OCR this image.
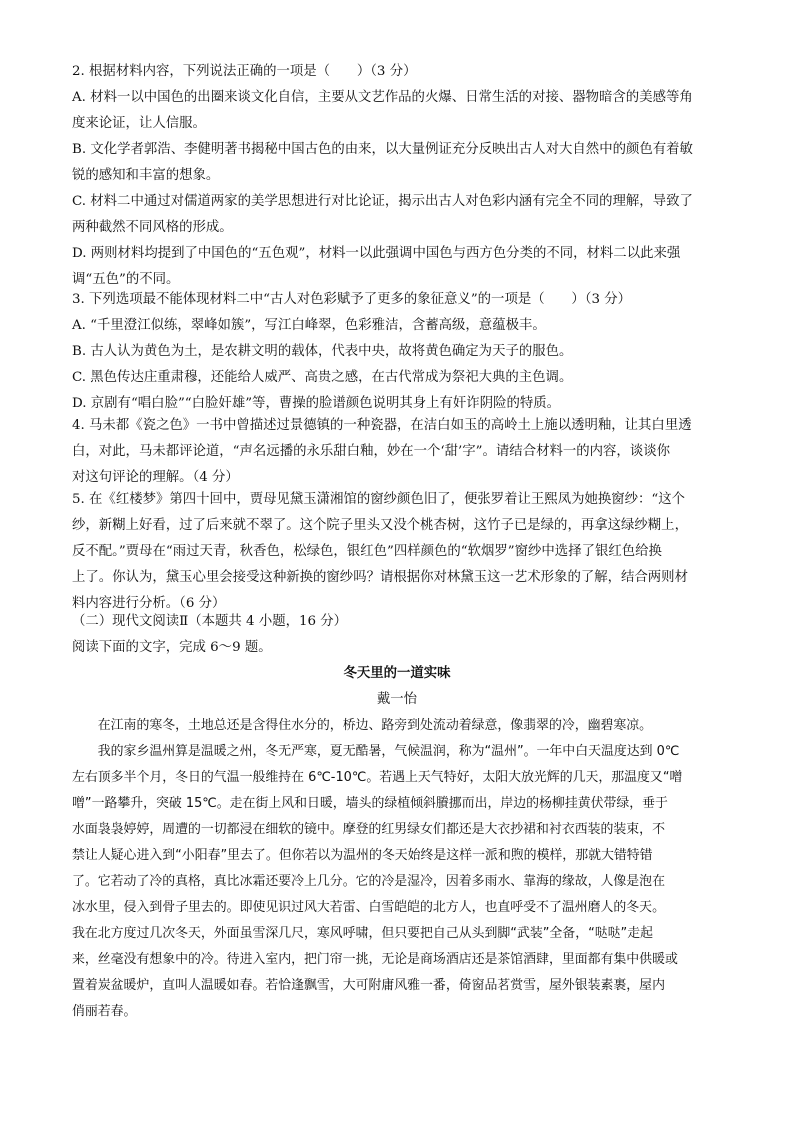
2. 根据材料内容，下列说法正确的一项是（　　）（3 分）
A. 材料一以中国色的出圈来谈文化自信，主要从文艺作品的火爆、日常生活的对接、器物暗含的美感等角
度来论证，让人信服。
B. 文化学者郭浩、李健明著书揭秘中国古色的由来，以大量例证充分反映出古人对大自然中的颜色有着敏
锐的感知和丰富的想象。
C. 材料二中通过对儒道两家的美学思想进行对比论证，揭示出古人对色彩内涵有完全不同的理解，导致了
两种截然不同风格的形成。
D. 两则材料均提到了中国色的“五色观”，材料一以此强调中国色与西方色分类的不同，材料二以此来强
调“五色”的不同。
3. 下列选项最不能体现材料二中“古人对色彩赋予了更多的象征意义”的一项是（　　）（3 分）
A. “千里澄江似练，翠峰如簇”，写江白峰翠，色彩雅洁，含蓄高级，意蕴极丰。
B. 古人认为黄色为土，是农耕文明的载体，代表中央，故将黄色确定为天子的服色。
C. 黑色传达庄重肃穆，还能给人威严、高贵之感，在古代常成为祭祀大典的主色调。
D. 京剧有“唱白脸”“白脸奸雄”等，曹操的脸谱颜色说明其身上有奸诈阴险的特质。
4. 马未都《瓷之色》一书中曾描述过景德镇的一种瓷器，在洁白如玉的高岭土上施以透明釉，让其白里透
白，对此，马未都评论道，“声名远播的永乐甜白釉，妙在一个‘甜’字”。请结合材料一的内容，谈谈你
对这句评论的理解。（4 分）
5. 在《红楼梦》第四十回中，贾母见黛玉潇湘馆的窗纱颜色旧了，便张罗着让王熙凤为她换窗纱：“这个
纱，新糊上好看，过了后来就不翠了。这个院子里头又没个桃杏树，这竹子已是绿的，再拿这绿纱糊上，
反不配。”贾母在“雨过天青，秋香色，松绿色，银红色”四样颜色的“软烟罗”窗纱中选择了银红色给换
上了。你认为，黛玉心里会接受这种新换的窗纱吗？请根据你对林黛玉这一艺术形象的了解，结合两则材
料内容进行分析。（6 分）
（二）现代文阅读Ⅱ（本题共 4 小题，16 分）
阅读下面的文字，完成 6～9 题。
冬天里的一道实味
戴一怡
　　在江南的寒冬，土地总还是含得住水分的，桥边、路旁到处流动着绿意，像翡翠的冷，幽碧寒凉。
　　我的家乡温州算是温暖之州，冬无严寒，夏无酷暑，气候温润，称为“温州”。一年中白天温度达到 0℃
左右顶多半个月，冬日的气温一般维持在 6℃-10℃。若遇上天气特好，太阳大放光辉的几天，那温度又“噌
噌”一路攀升，突破 15℃。走在街上风和日暖，墙头的绿植倾斜賸挪而出，岸边的杨柳挂黄伏带绿，垂于
水面袅袅婷婷，周遭的一切都浸在细软的镜中。摩登的红男绿女们都还是大衣抄裙和衬衣西装的装束，不
禁让人疑心进入到“小阳春”里去了。但你若以为温州的冬天始终是这样一派和煦的模样，那就大错特错
了。它若动了冷的真格，真比冰霜还要冷上几分。它的冷是湿冷，因着多雨水、靠海的缘故，人像是泡在
冰水里，侵入到骨子里去的。即使见识过风大若雷、白雪皑皑的北方人，也直呼受不了温州磨人的冬天。
我在北方度过几次冬天，外面虽雪深几尺，寒风呼啸，但只要把自己从头到脚“武装”全备，“哒哒”走起
来，丝毫没有想象中的冷。待进入室内，把门帘一挑，无论是商场酒店还是茶馆酒肆，里面都有集中供暖或
置着炭盆暖炉，直叫人温暖如春。若恰逢飘雪，大可附庸风雅一番，倚窗品茗赏雪，屋外银装素裹，屋内
俏丽若春。
